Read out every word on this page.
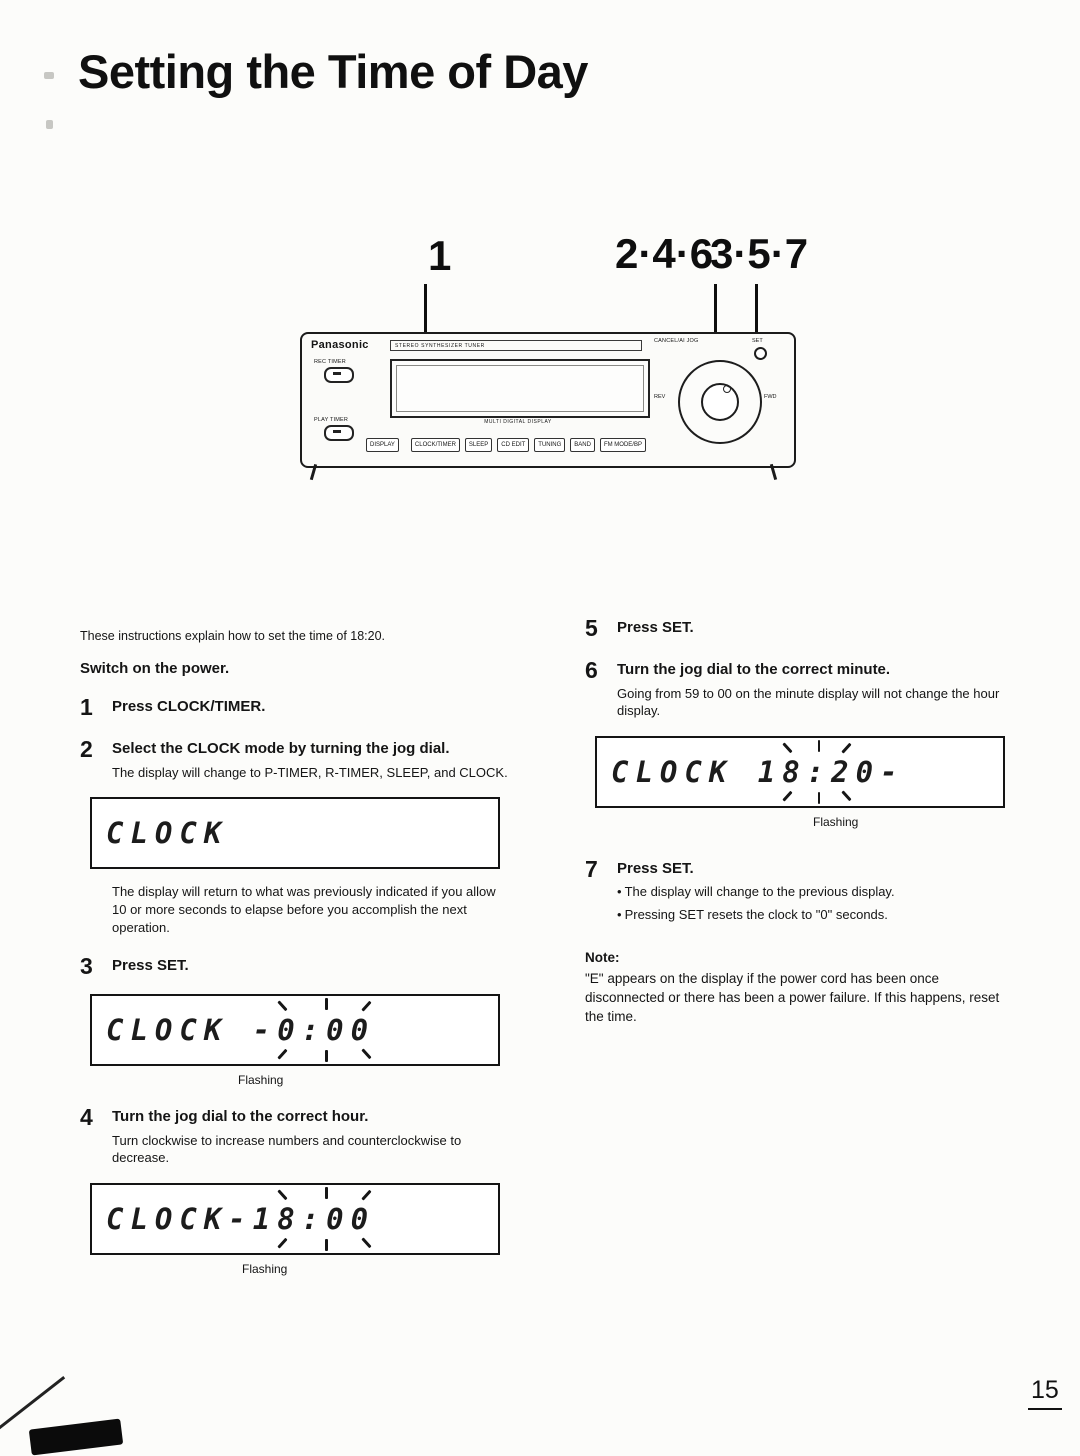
Setting the Time of Day
1	2·4·6
3·5·7
Panasonic	STEREO SYNTHESIZER TUNER
REC TIMER
PLAY TIMER	MULTI DIGITAL DISPLAY
DISPLAY	CLOCK/TIMER	SLEEP	CD EDIT	TUNING	BAND	FM MODE/BP
CANCEL/AI JOG	SET
REV	FWD

These instructions explain how to set the time of 18:20.

Switch on the power.

1	Press CLOCK/TIMER.
2	Select the CLOCK mode by turning the jog dial.

The display will change to P-TIMER, R-TIMER, SLEEP, and CLOCK.

CLOCK

The display will return to what was previously indicated if you allow 10 or more seconds to elapse before you accomplish the next operation.

3	Press SET.
CLOCK - 0:00
Flashing
4	Turn the jog dial to the correct hour.

Turn clockwise to increase numbers and counterclockwise to decrease.

CLOCK-1 8:00
Flashing
5	Press SET.
6	Turn the jog dial to the correct minute.

Going from 59 to 00 on the minute display will not change the hour display.

CLOCK 1 8:2 0-
Flashing
7	Press SET.

• The display will change to the previous display.

• Pressing SET resets the clock to "0" seconds.

Note:

"E" appears on the display if the power cord has been once disconnected or there has been a power failure. If this happens, reset the time.

15
